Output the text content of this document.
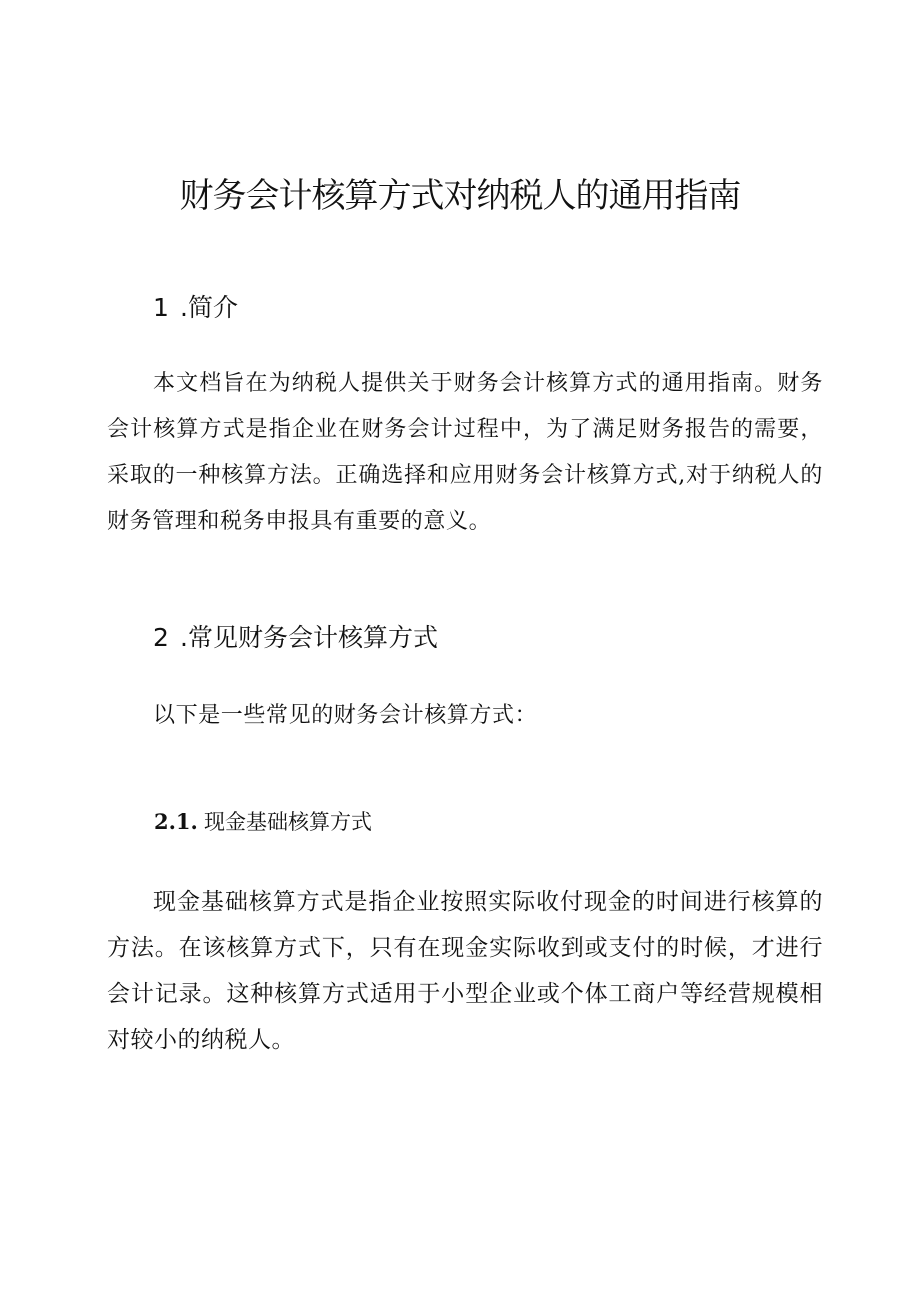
财务会计核算方式对纳税人的通用指南
1 .简介

本文档旨在为纳税人提供关于财务会计核算方式的通用指南。财务会计核算方式是指企业在财务会计过程中，为了满足财务报告的需要，采取的一种核算方法。正确选择和应用财务会计核算方式,对于纳税人的财务管理和税务申报具有重要的意义。

2 .常见财务会计核算方式

以下是一些常见的财务会计核算方式：

2.1. 现金基础核算方式

现金基础核算方式是指企业按照实际收付现金的时间进行核算的方法。在该核算方式下，只有在现金实际收到或支付的时候，才进行会计记录。这种核算方式适用于小型企业或个体工商户等经营规模相对较小的纳税人。
